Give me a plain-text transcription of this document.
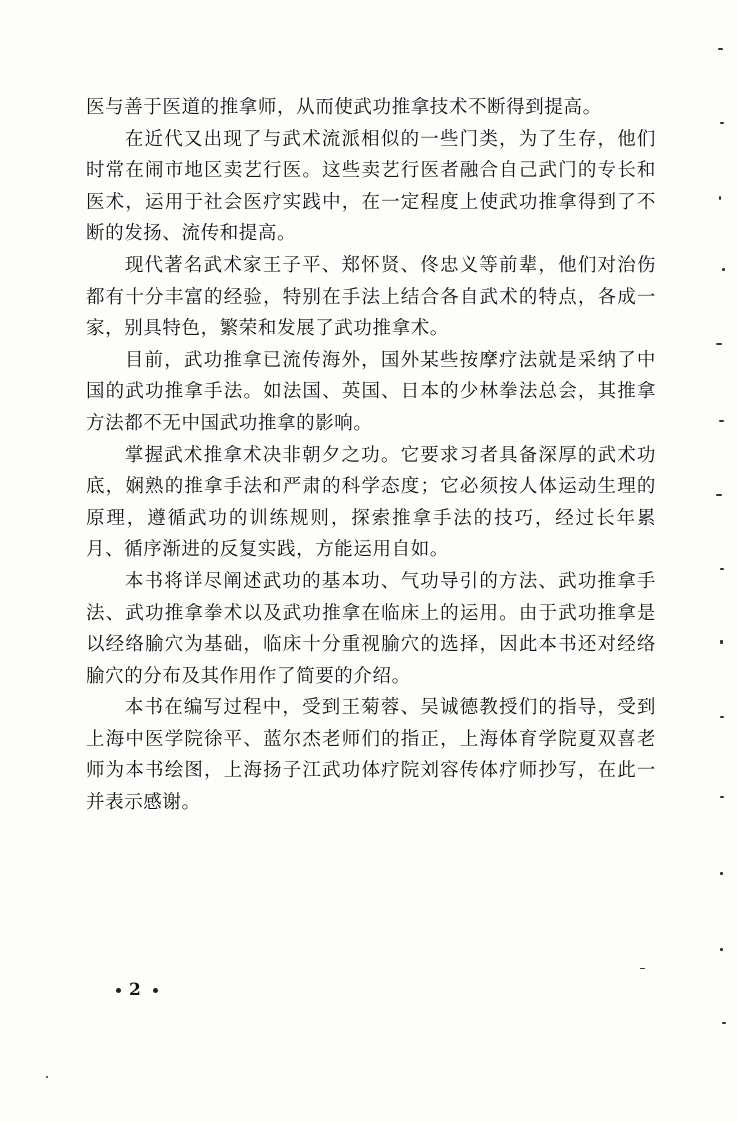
医与善于医道的推拿师，从而使武功推拿技术不断得到提高。

在近代又出现了与武术流派相似的一些门类，为了生存，他们时常在闹市地区卖艺行医。这些卖艺行医者融合自己武门的专长和医术，运用于社会医疗实践中，在一定程度上使武功推拿得到了不断的发扬、流传和提高。

现代著名武术家王子平、郑怀贤、佟忠义等前辈，他们对治伤都有十分丰富的经验，特别在手法上结合各自武术的特点，各成一家，别具特色，繁荣和发展了武功推拿术。

目前，武功推拿已流传海外，国外某些按摩疗法就是采纳了中国的武功推拿手法。如法国、英国、日本的少林拳法总会，其推拿方法都不无中国武功推拿的影响。

掌握武术推拿术决非朝夕之功。它要求习者具备深厚的武术功底，娴熟的推拿手法和严肃的科学态度；它必须按人体运动生理的原理，遵循武功的训练规则，探索推拿手法的技巧，经过长年累月、循序渐进的反复实践，方能运用自如。

本书将详尽阐述武功的基本功、气功导引的方法、武功推拿手法、武功推拿拳术以及武功推拿在临床上的运用。由于武功推拿是以经络腧穴为基础，临床十分重视腧穴的选择，因此本书还对经络腧穴的分布及其作用作了简要的介绍。

本书在编写过程中，受到王菊蓉、吴诚德教授们的指导，受到上海中医学院徐平、蓝尔杰老师们的指正，上海体育学院夏双喜老师为本书绘图，上海扬子江武功体疗院刘容传体疗师抄写，在此一并表示感谢。

2
